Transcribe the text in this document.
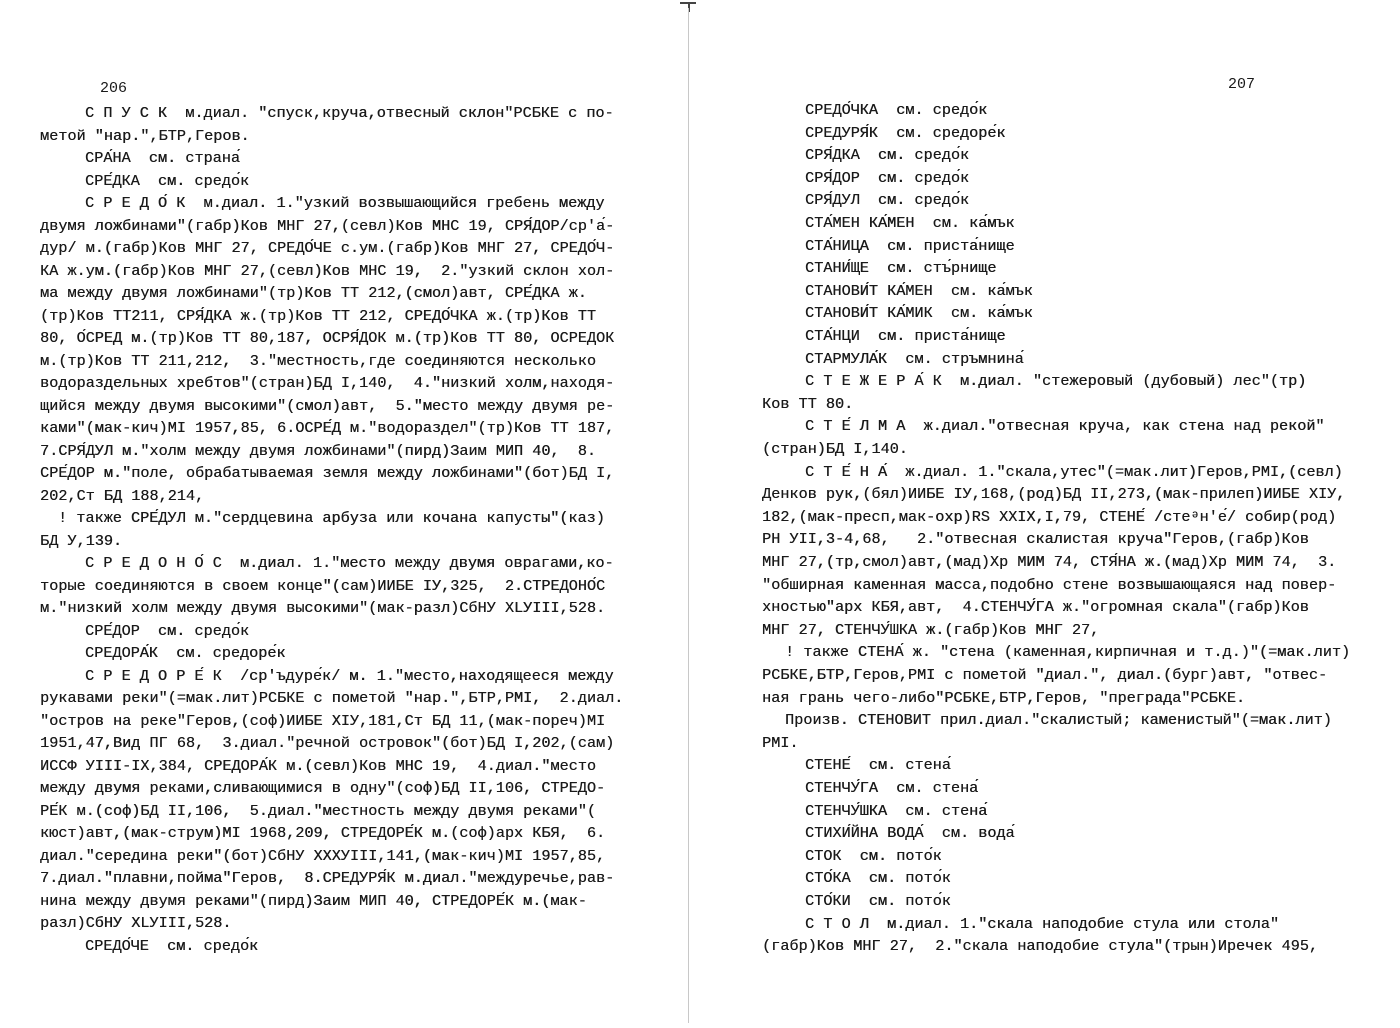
206
С П У С К  м.диал. "спуск,круча,отвесный склон"РСБКЕ с по-
метой "нар.",БТР,Геров.
СРА́НА  см. страна́
СРЕ́ДКА  см. средо́к
С Р Е Д О́ К  м.диал. 1."узкий возвышающийся гребень между
двумя ложбинами"(габр)Ков МНГ 27,(севл)Ков МНС 19, СРЯ́ДОР/ср'а́-
дур/ м.(габр)Ков МНГ 27, СРЕДО́ЧЕ с.ум.(габр)Ков МНГ 27, СРЕДО́Ч-
КА ж.ум.(габр)Ков МНГ 27,(севл)Ков МНС 19,  2."узкий склон хол-
ма между двумя ложбинами"(тр)Ков ТТ 212,(смол)авт, СРЕ́ДКА ж.
(тр)Ков ТТ211, СРЯ́ДКА ж.(тр)Ков ТТ 212, СРЕДО́ЧКА ж.(тр)Ков ТТ
80, О́СРЕД м.(тр)Ков ТТ 80,187, ОСРЯ́ДОК м.(тр)Ков ТТ 80, ОСРЕДОК
м.(тр)Ков ТТ 211,212,  3."местность,где соединяются несколько
водораздельных хребтов"(стран)БД I,140,  4."низкий холм,находя-
щийся между двумя высокими"(смол)авт,  5."место между двумя ре-
ками"(мак-кич)MI 1957,85, 6.ОСРЕ́Д м."водораздел"(тр)Ков ТТ 187,
7.СРЯ́ДУЛ м."холм между двумя ложбинами"(пирд)Заим МИП 40,  8.
СРЕ́ДОР м."поле, обрабатываемая земля между ложбинами"(бот)БД I,
202,Ст БД 188,214,
! также СРЕ́ДУЛ м."сердцевина арбуза или кочана капусты"(каз)
БД У,139.
С Р Е Д О Н О́ С  м.диал. 1."место между двумя оврагами,ко-
торые соединяются в своем конце"(сам)ИИБЕ IУ,325,  2.СТРЕДОНО́С
м."низкий холм между двумя высокими"(мак-разл)СбНУ XLУIII,528.
СРЕ́ДОР  см. средо́к
СРЕДОРА́К  см. средоре́к
С Р Е Д О Р Е́ К  /ср'ъдуре́к/ м. 1."место,находящееся между
рукавами реки"(=мак.лит)РСБКЕ с пометой "нар.",БТР,РМI,  2.диал.
"остров на реке"Геров,(соф)ИИБЕ XIУ,181,Ст БД 11,(мак-пореч)MI
1951,47,Вид ПГ 68,  3.диал."речной островок"(бот)БД I,202,(сам)
ИССФ УIII-IX,384, СРЕДОРА́К м.(севл)Ков МНС 19,  4.диал."место
между двумя реками,сливающимися в одну"(соф)БД II,106, СТРЕДО-
РЕ́К м.(соф)БД II,106,  5.диал."местность между двумя реками"(
кюст)авт,(мак-струм)MI 1968,209, СТРЕДОРЕ́К м.(соф)арх КБЯ,  6.
диал."середина реки"(бот)СбНУ XXXУIII,141,(мак-кич)MI 1957,85,
7.диал."плавни,пойма"Геров,  8.СРЕДУРЯ́К м.диал."междуречье,рав-
нина между двумя реками"(пирд)Заим МИП 40, СТРЕДОРЕ́К м.(мак-
разл)СбНУ XLУIII,528.
СРЕДО́ЧЕ  см. средо́к
207
СРЕДО́ЧКА  см. средо́к
СРЕДУРЯ́К  см. средоре́к
СРЯ́ДКА  см. средо́к
СРЯ́ДОР  см. средо́к
СРЯ́ДУЛ  см. средо́к
СТА́МЕН КА́МЕН  см. ка́мък
СТА́НИЦА  см. приста́нище
СТАНИ́ЩЕ  см. стъ́рнище
СТАНОВИ́Т КА́МЕН  см. ка́мък
СТАНОВИ́Т КА́МИК  см. ка́мък
СТА́НЦИ  см. приста́нище
СТАРМУЛА́К  см. стръмнина́
С Т Е Ж Е Р А́ К  м.диал. "стежеровый (дубовый) лес"(тр)
Ков ТТ 80.
С Т Е́ Л М А  ж.диал."отвесная круча, как стена над рекой"
(стран)БД I,140.
С Т Е́ Н А́  ж.диал. 1."скала,утес"(=мак.лит)Геров,РМI,(севл)
Денков рук,(бял)ИИБЕ IУ,168,(род)БД II,273,(мак-прилеп)ИИБЕ XIУ,
182,(мак-пресп,мак-охр)RS XXIX,I,79, СТЕНЕ́ /стеᵊн'е́/ собир(род)
РН УII,3-4,68,   2."отвесная скалистая круча"Геров,(габр)Ков
МНГ 27,(тр,смол)авт,(мад)Хр МИМ 74, СТЯ́НА ж.(мад)Хр МИМ 74,  3.
"обширная каменная масса,подобно стене возвышающаяся над повер-
хностью"арх КБЯ,авт,  4.СТЕНЧУ́ГА ж."огромная скала"(габр)Ков
МНГ 27, СТЕНЧУ́ШКА ж.(габр)Ков МНГ 27,
! также СТЕНА́ ж. "стена (каменная,кирпичная и т.д.)"(=мак.лит)
РСБКЕ,БТР,Геров,РМI с пометой "диал.", диал.(бург)авт, "отвес-
ная грань чего-либо"РСБКЕ,БТР,Геров, "преграда"РСБКЕ.
Произв. СТЕНОВИТ прил.диал."скалистый; каменистый"(=мак.лит)
РМI.
СТЕНЕ́  см. стена́
СТЕНЧУ́ГА  см. стена́
СТЕНЧУ́ШКА  см. стена́
СТИХИ́ЙНА ВОДА́  см. вода́
СТОК  см. пото́к
СТО́КА  см. пото́к
СТО́КИ  см. пото́к
С Т О Л  м.диал. 1."скала наподобие стула или стола"
(габр)Ков МНГ 27,  2."скала наподобие стула"(трын)Иречек 495,
